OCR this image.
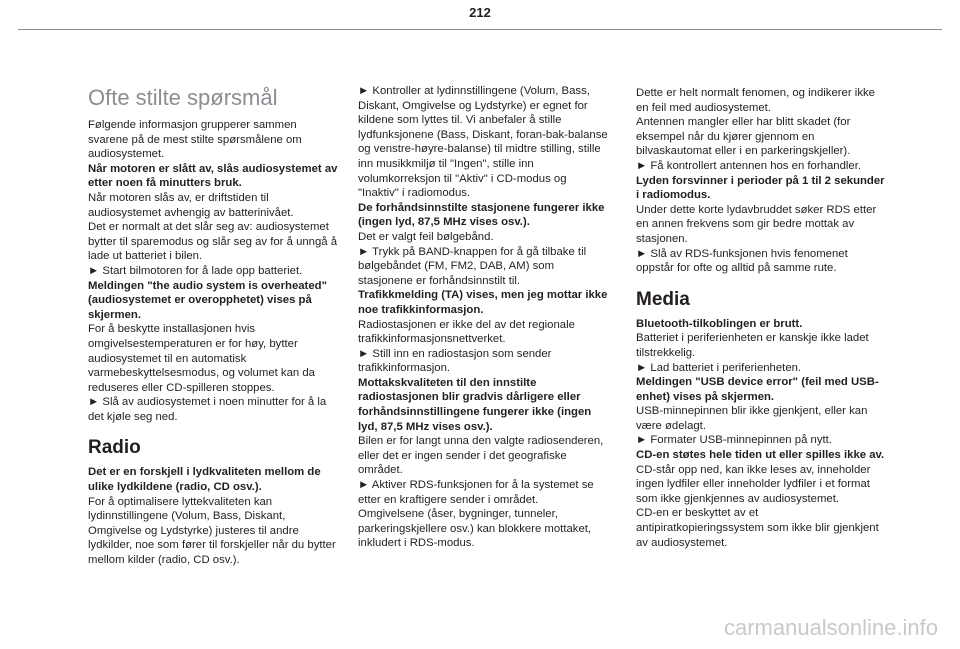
212
Ofte stilte spørsmål

Følgende informasjon grupperer sammen svarene på de mest stilte spørsmålene om audiosystemet.

Når motoren er slått av, slås audiosystemet av etter noen få minutters bruk.

Når motoren slås av, er driftstiden til audiosystemet avhengig av batterinivået.

Det er normalt at det slår seg av: audiosystemet bytter til sparemodus og slår seg av for å unngå å lade ut batteriet i bilen.

► Start bilmotoren for å lade opp batteriet.

Meldingen "the audio system is overheated" (audiosystemet er overopphetet) vises på skjermen.

For å beskytte installasjonen hvis omgivelsestemperaturen er for høy, bytter audiosystemet til en automatisk varmebeskyttelsesmodus, og volumet kan da reduseres eller CD-spilleren stoppes.

► Slå av audiosystemet i noen minutter for å la det kjøle seg ned.

Radio

Det er en forskjell i lydkvaliteten mellom de ulike lydkildene (radio, CD osv.).

For å optimalisere lyttekvaliteten kan lydinnstillingene (Volum, Bass, Diskant, Omgivelse og Lydstyrke) justeres til andre lydkilder, noe som fører til forskjeller når du bytter mellom kilder (radio, CD osv.).

► Kontroller at lydinnstillingene (Volum, Bass, Diskant, Omgivelse og Lydstyrke) er egnet for kildene som lyttes til. Vi anbefaler å stille lydfunksjonene (Bass, Diskant, foran-bak-balanse og venstre-høyre-balanse) til midtre stilling, stille inn musikkmiljø til "Ingen", stille inn volumkorreksjon til "Aktiv" i CD-modus og "Inaktiv" i radiomodus.

De forhåndsinnstilte stasjonene fungerer ikke (ingen lyd, 87,5 MHz vises osv.).

Det er valgt feil bølgebånd.

► Trykk på BAND-knappen for å gå tilbake til bølgebåndet (FM, FM2, DAB, AM) som stasjonene er forhåndsinnstilt til.

Trafikkmelding (TA) vises, men jeg mottar ikke noe trafikkinformasjon.

Radiostasjonen er ikke del av det regionale trafikkinformasjonsnettverket.

► Still inn en radiostasjon som sender trafikkinformasjon.

Mottakskvaliteten til den innstilte radiostasjonen blir gradvis dårligere eller forhåndsinnstillingene fungerer ikke (ingen lyd, 87,5 MHz vises osv.).

Bilen er for langt unna den valgte radiosenderen, eller det er ingen sender i det geografiske området.

► Aktiver RDS-funksjonen for å la systemet se etter en kraftigere sender i området.

Omgivelsene (åser, bygninger, tunneler, parkeringskjellere osv.) kan blokkere mottaket, inkludert i RDS-modus.

Dette er helt normalt fenomen, og indikerer ikke en feil med audiosystemet.

Antennen mangler eller har blitt skadet (for eksempel når du kjører gjennom en bilvaskautomat eller i en parkeringskjeller).

► Få kontrollert antennen hos en forhandler.

Lyden forsvinner i perioder på 1 til 2 sekunder i radiomodus.

Under dette korte lydavbruddet søker RDS etter en annen frekvens som gir bedre mottak av stasjonen.

► Slå av RDS-funksjonen hvis fenomenet oppstår for ofte og alltid på samme rute.

Media

Bluetooth-tilkoblingen er brutt.

Batteriet i periferienheten er kanskje ikke ladet tilstrekkelig.

► Lad batteriet i periferienheten.

Meldingen "USB device error" (feil med USB-enhet) vises på skjermen.

USB-minnepinnen blir ikke gjenkjent, eller kan være ødelagt.

► Formater USB-minnepinnen på nytt.

CD-en støtes hele tiden ut eller spilles ikke av.

CD-står opp ned, kan ikke leses av, inneholder ingen lydfiler eller inneholder lydfiler i et format som ikke gjenkjennes av audiosystemet.

CD-en er beskyttet av et antipiratkopieringssystem som ikke blir gjenkjent av audiosystemet.

carmanualsonline.info
